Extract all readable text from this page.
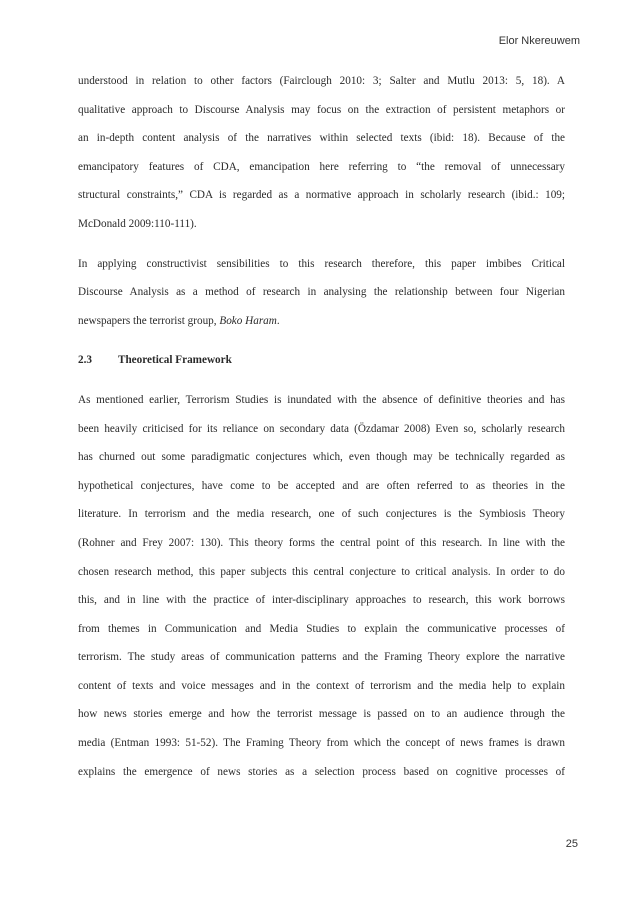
Elor Nkereuwem
understood in relation to other factors (Fairclough 2010: 3; Salter and Mutlu 2013: 5, 18). A
qualitative approach to Discourse Analysis may focus on the extraction of persistent metaphors or
an in-depth content analysis of the narratives within selected texts (ibid: 18). Because of the
emancipatory features of CDA, emancipation here referring to “the removal of unnecessary
structural constraints,” CDA is regarded as a normative approach in scholarly research (ibid.: 109;
McDonald 2009:110-111).
In applying constructivist sensibilities to this research therefore, this paper imbibes Critical
Discourse Analysis as a method of research in analysing the relationship between four Nigerian
newspapers the terrorist group, Boko Haram.
2.3 Theoretical Framework
As mentioned earlier, Terrorism Studies is inundated with the absence of definitive theories and has
been heavily criticised for its reliance on secondary data (Özdamar 2008) Even so, scholarly research
has churned out some paradigmatic conjectures which, even though may be technically regarded as
hypothetical conjectures, have come to be accepted and are often referred to as theories in the
literature. In terrorism and the media research, one of such conjectures is the Symbiosis Theory
(Rohner and Frey 2007: 130). This theory forms the central point of this research. In line with the
chosen research method, this paper subjects this central conjecture to critical analysis. In order to do
this, and in line with the practice of inter-disciplinary approaches to research, this work borrows
from themes in Communication and Media Studies to explain the communicative processes of
terrorism. The study areas of communication patterns and the Framing Theory explore the narrative
content of texts and voice messages and in the context of terrorism and the media help to explain
how news stories emerge and how the terrorist message is passed on to an audience through the
media (Entman 1993: 51-52). The Framing Theory from which the concept of news frames is drawn
explains the emergence of news stories as a selection process based on cognitive processes of
25
